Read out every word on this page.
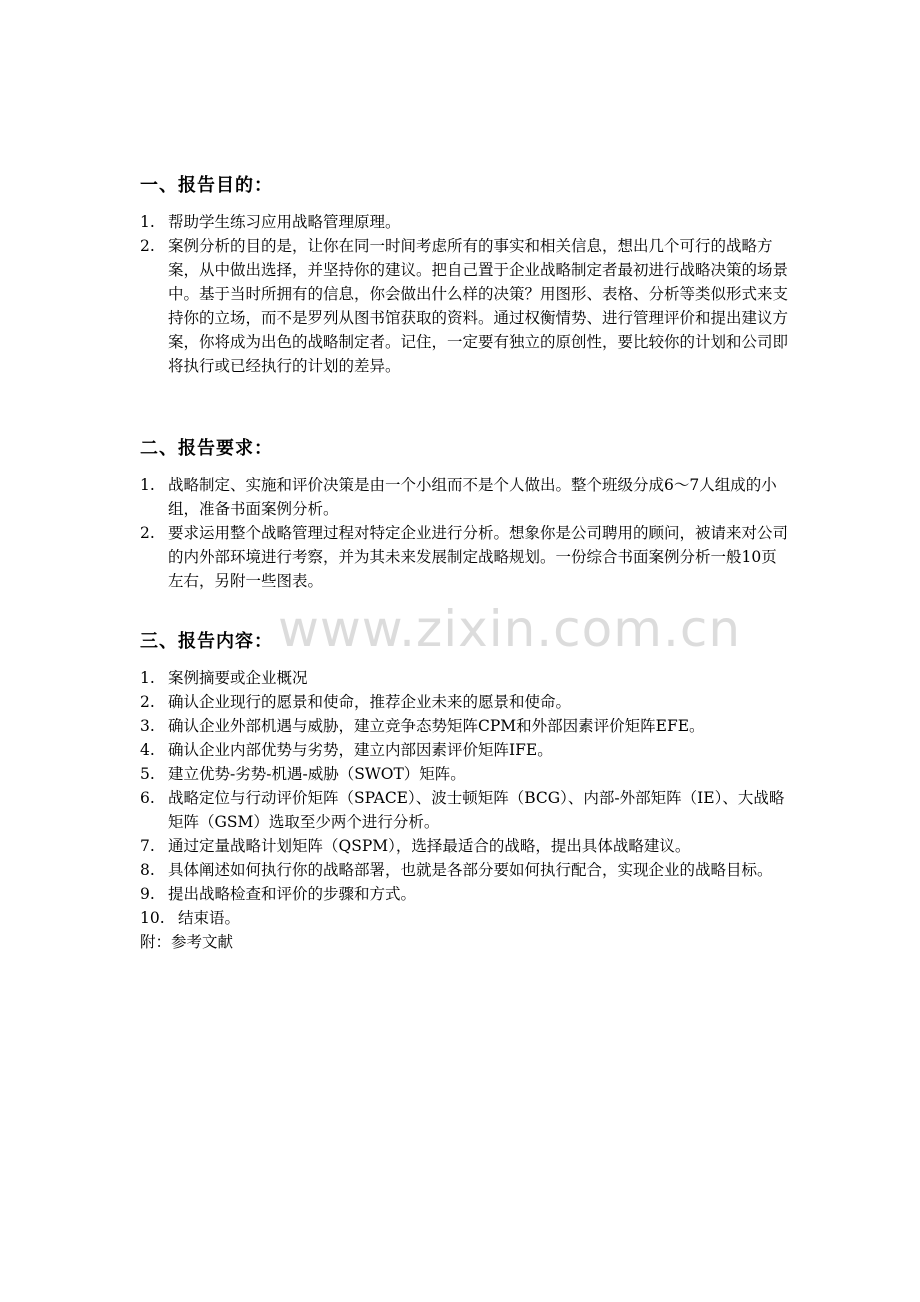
www.zixin.com.cn
一、报告目的：
1. 帮助学生练习应用战略管理原理。
2. 案例分析的目的是，让你在同一时间考虑所有的事实和相关信息，想出几个可行的战略方案，从中做出选择，并坚持你的建议。把自己置于企业战略制定者最初进行战略决策的场景中。基于当时所拥有的信息，你会做出什么样的决策？用图形、表格、分析等类似形式来支持你的立场，而不是罗列从图书馆获取的资料。通过权衡情势、进行管理评价和提出建议方案，你将成为出色的战略制定者。记住，一定要有独立的原创性，要比较你的计划和公司即将执行或已经执行的计划的差异。
二、报告要求：
1. 战略制定、实施和评价决策是由一个小组而不是个人做出。整个班级分成6～7人组成的小组，准备书面案例分析。
2. 要求运用整个战略管理过程对特定企业进行分析。想象你是公司聘用的顾问，被请来对公司的内外部环境进行考察，并为其未来发展制定战略规划。一份综合书面案例分析一般10页左右，另附一些图表。
三、报告内容：
1. 案例摘要或企业概况
2. 确认企业现行的愿景和使命，推荐企业未来的愿景和使命。
3. 确认企业外部机遇与威胁，建立竞争态势矩阵CPM和外部因素评价矩阵EFE。
4. 确认企业内部优势与劣势，建立内部因素评价矩阵IFE。
5. 建立优势-劣势-机遇-威胁（SWOT）矩阵。
6. 战略定位与行动评价矩阵（SPACE）、波士顿矩阵（BCG）、内部-外部矩阵（IE）、大战略矩阵（GSM）选取至少两个进行分析。
7. 通过定量战略计划矩阵（QSPM），选择最适合的战略，提出具体战略建议。
8. 具体阐述如何执行你的战略部署，也就是各部分要如何执行配合，实现企业的战略目标。
9. 提出战略检查和评价的步骤和方式。
10. 结束语。
附：参考文献
